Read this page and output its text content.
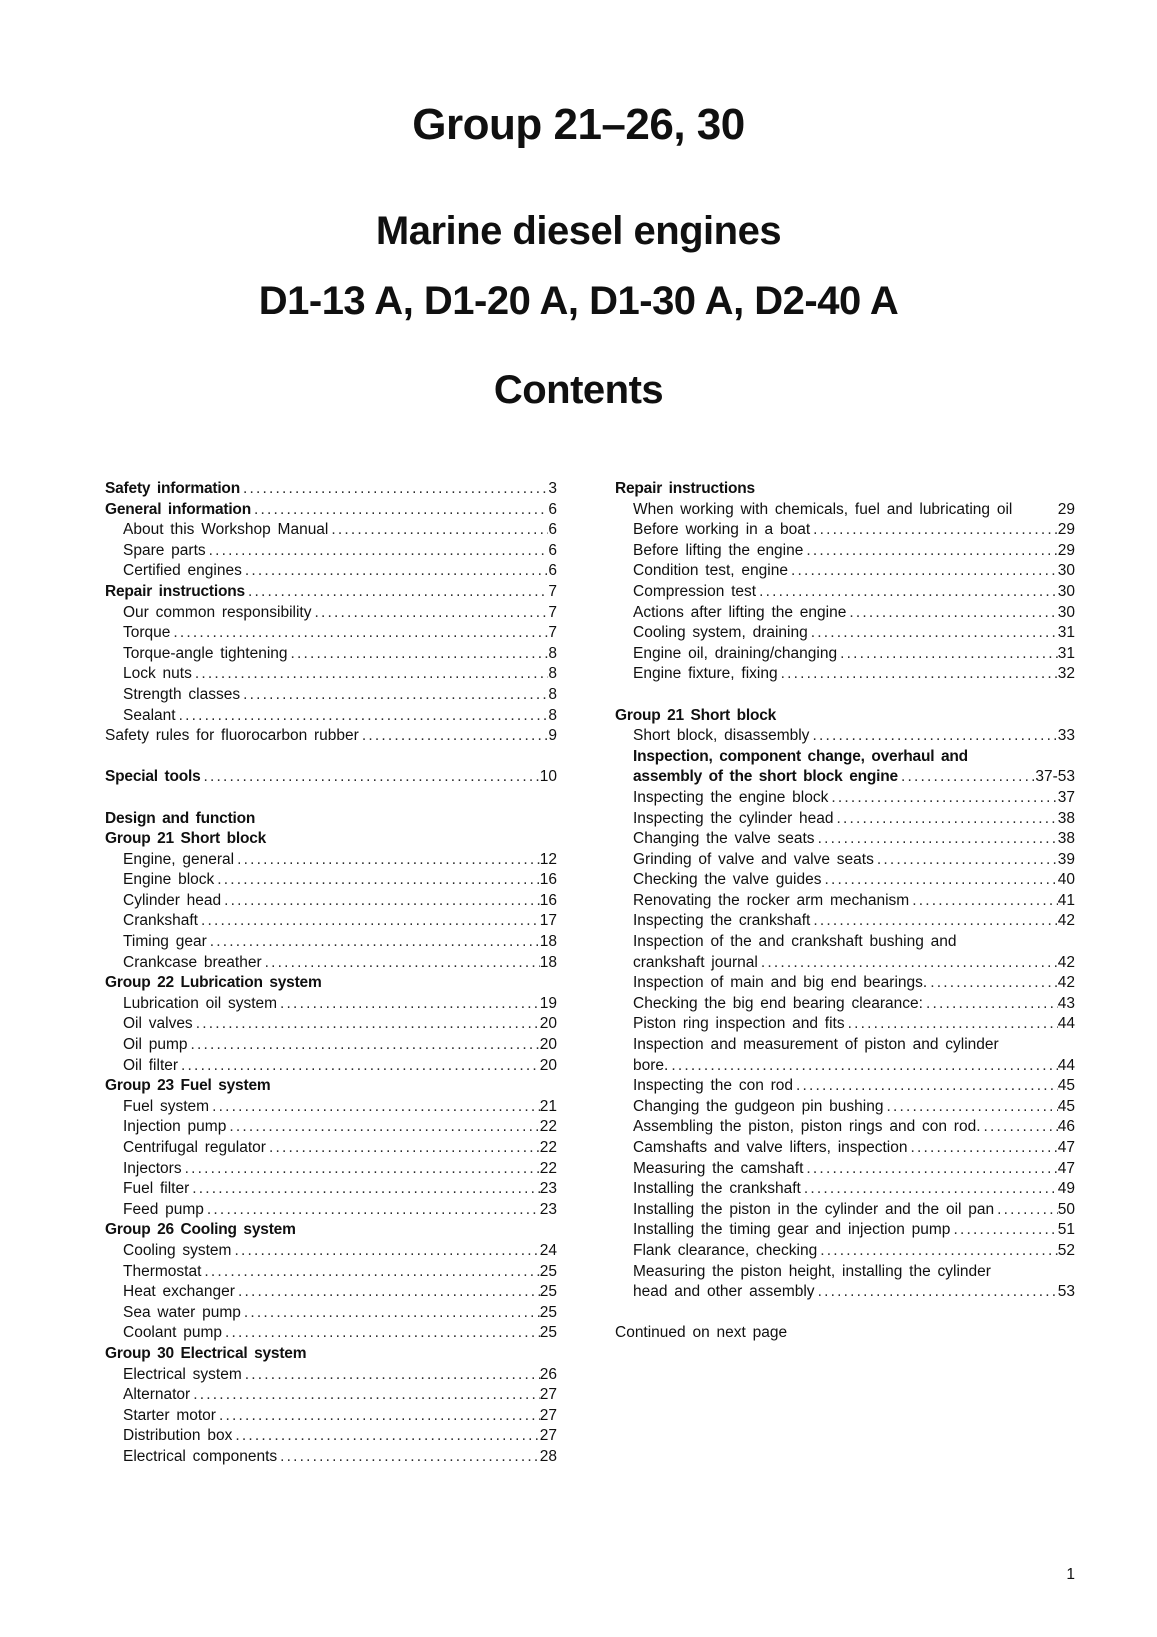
Group 21–26, 30
Marine diesel engines
D1-13 A, D1-20 A, D1-30 A, D2-40 A
Contents
Safety information .....	3
General information .....	6
About this Workshop Manual .....	6
Spare parts .....	6
Certified engines .....	6
Repair instructions .....	7
Our common responsibility .....	7
Torque .....	7
Torque-angle tightening .....	8
Lock nuts .....	8
Strength classes .....	8
Sealant .....	8
Safety rules for fluorocarbon rubber .....	9
Special tools .....	10
Design and function
Group 21 Short block
Engine, general .....	12
Engine block .....	16
Cylinder head .....	16
Crankshaft .....	17
Timing gear .....	18
Crankcase breather .....	18
Group 22 Lubrication system
Lubrication oil system .....	19
Oil valves .....	20
Oil pump .....	20
Oil filter .....	20
Group 23 Fuel system
Fuel system .....	21
Injection pump .....	22
Centrifugal regulator .....	22
Injectors .....	22
Fuel filter .....	23
Feed pump .....	23
Group 26 Cooling system
Cooling system .....	24
Thermostat .....	25
Heat exchanger .....	25
Sea water pump .....	25
Coolant pump .....	25
Group 30 Electrical system
Electrical system .....	26
Alternator .....	27
Starter motor .....	27
Distribution box .....	27
Electrical components .....	28
Repair instructions
When working with chemicals, fuel and lubricating oil	29
Before working in a boat .....	29
Before lifting the engine .....	29
Condition test, engine .....	30
Compression test .....	30
Actions after lifting the engine .....	30
Cooling system, draining .....	31
Engine oil, draining/changing .....	31
Engine fixture, fixing .....	32
Group 21 Short block
Short block, disassembly .....	33
Inspection, component change, overhaul and
assembly of the short block engine .....	37-53
Inspecting the engine block .....	37
Inspecting the cylinder head .....	38
Changing the valve seats .....	38
Grinding of valve and valve seats .....	39
Checking the valve guides .....	40
Renovating the rocker arm mechanism .....	41
Inspecting the crankshaft .....	42
Inspection of the and crankshaft bushing and
crankshaft journal .....	42
Inspection of main and big end bearings. .....	42
Checking the big end bearing clearance: .....	43
Piston ring inspection and fits .....	44
Inspection and measurement of piston and cylinder
bore. .....	44
Inspecting the con rod .....	45
Changing the gudgeon pin bushing .....	45
Assembling the piston, piston rings and con rod. .....	46
Camshafts and valve lifters, inspection .....	47
Measuring the camshaft .....	47
Installing the crankshaft .....	49
Installing the piston in the cylinder and the oil pan .....	50
Installing the timing gear and injection pump .....	51
Flank clearance, checking .....	52
Measuring the piston height, installing the cylinder
head and other assembly .....	53
Continued on next page
1
